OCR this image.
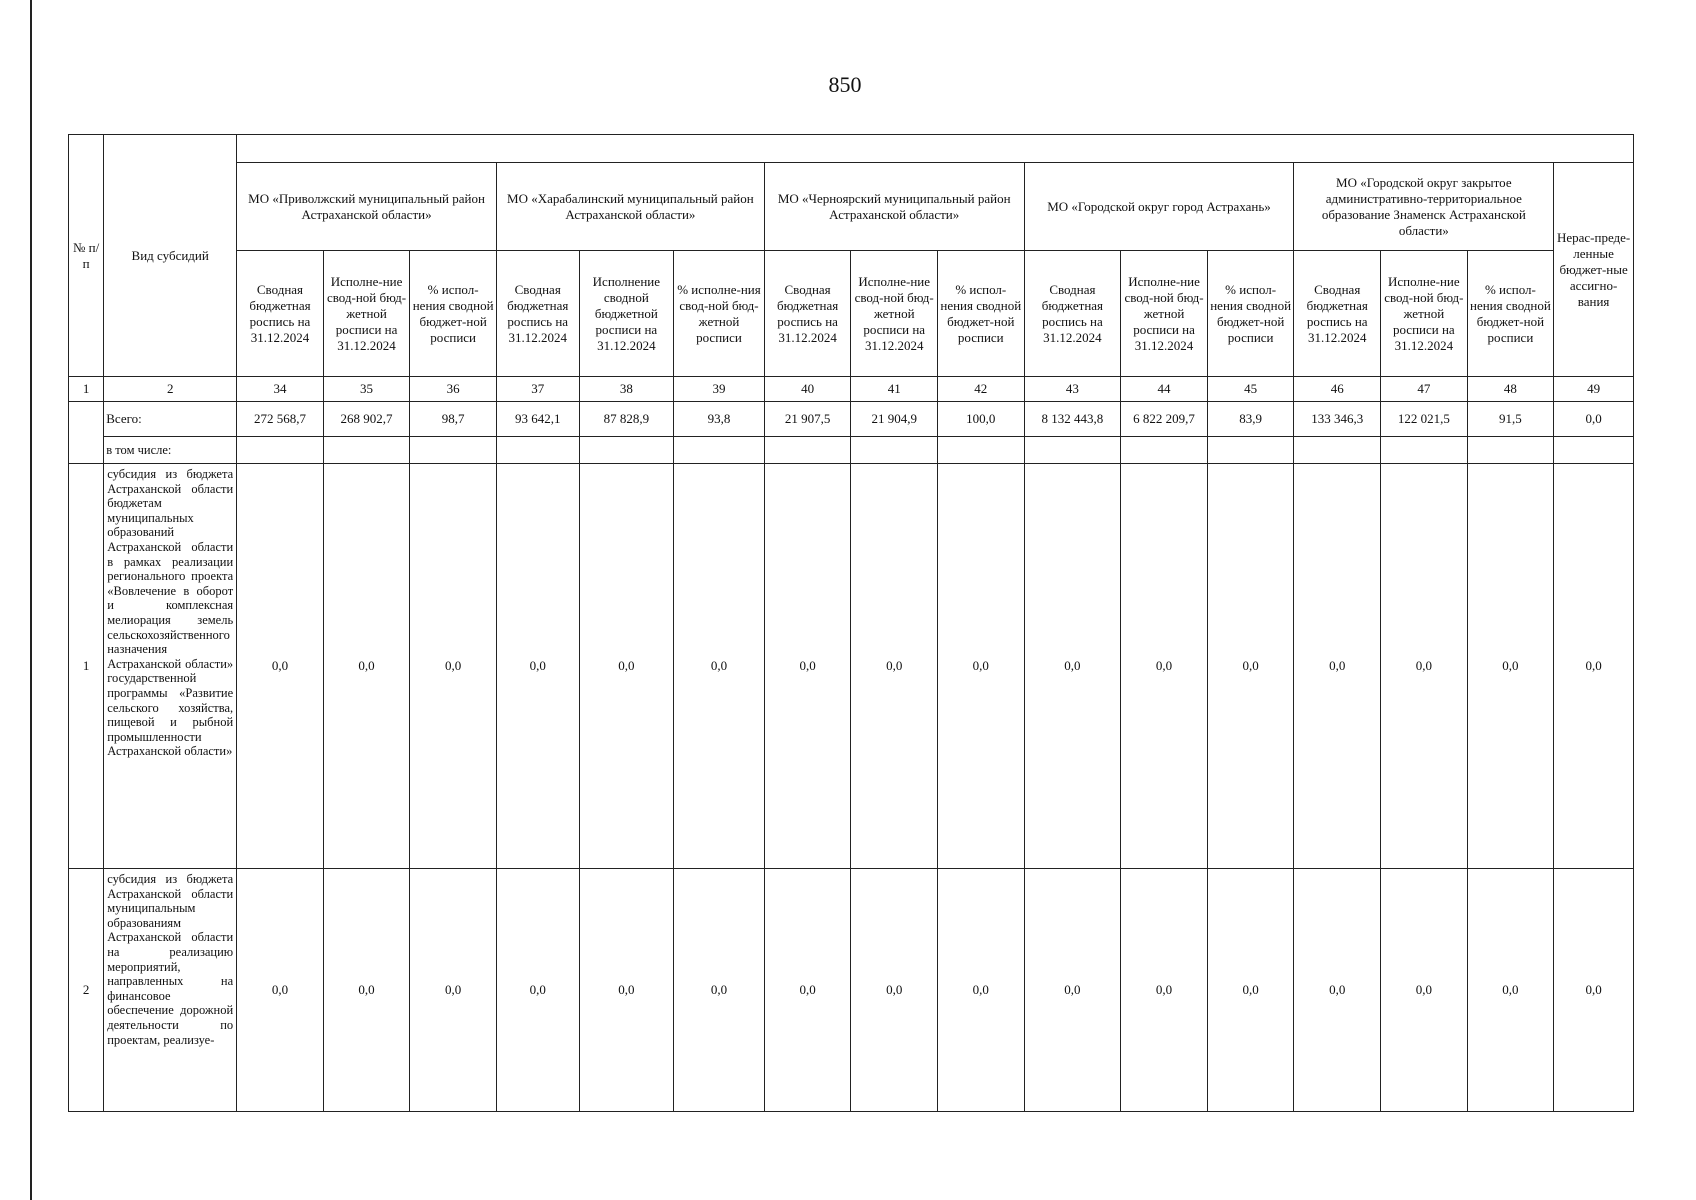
850
№ п/п	Вид субсидий																
		МО «Приволжский муниципальный район Астраханской области»			МО «Харабалинский муниципальный район Астраханской области»			МО «Черноярский муниципальный район Астраханской области»			МО «Городской округ город Астрахань»			МО «Городской округ закрытое административно-территориальное образование Знаменск Астраханской области»			Нерас-преде-ленные бюджет-ные ассигно-вания
		Сводная бюджетная роспись на 31.12.2024	Исполне-ние свод-ной бюд-жетной росписи на 31.12.2024	% испол-нения сводной бюджет-ной росписи	Сводная бюджетная роспись на 31.12.2024	Исполнение сводной бюджетной росписи на 31.12.2024	% исполне-ния свод-ной бюд-жетной росписи	Сводная бюджетная роспись на 31.12.2024	Исполне-ние свод-ной бюд-жетной росписи на 31.12.2024	% испол-нения сводной бюджет-ной росписи	Сводная бюджетная роспись на 31.12.2024	Исполне-ние свод-ной бюд-жетной росписи на 31.12.2024	% испол-нения сводной бюджет-ной росписи	Сводная бюджетная роспись на 31.12.2024	Исполне-ние свод-ной бюд-жетной росписи на 31.12.2024	% испол-нения сводной бюджет-ной росписи	
1	2	34	35	36	37	38	39	40	41	42	43	44	45	46	47	48	49
	Всего:	272 568,7	268 902,7	98,7	93 642,1	87 828,9	93,8	21 907,5	21 904,9	100,0	8 132 443,8	6 822 209,7	83,9	133 346,3	122 021,5	91,5	0,0
	в том числе:																
1	субсидия из бюджета Астраханской области бюджетам муниципальных образований Астраханской области в рамках реализации регионального проекта «Вовлечение в оборот и комплексная мелиорация земель сельскохозяйственного назначения Астраханской области» государственной программы «Развитие сельского хозяйства, пищевой и рыбной промышленности Астраханской области»	0,0	0,0	0,0	0,0	0,0	0,0	0,0	0,0	0,0	0,0	0,0	0,0	0,0	0,0	0,0	0,0
2	субсидия из бюджета Астраханской области муниципальным образованиям Астраханской области на реализацию мероприятий, направленных на финансовое обеспечение дорожной деятельности по проектам, реализуе-	0,0	0,0	0,0	0,0	0,0	0,0	0,0	0,0	0,0	0,0	0,0	0,0	0,0	0,0	0,0	0,0
